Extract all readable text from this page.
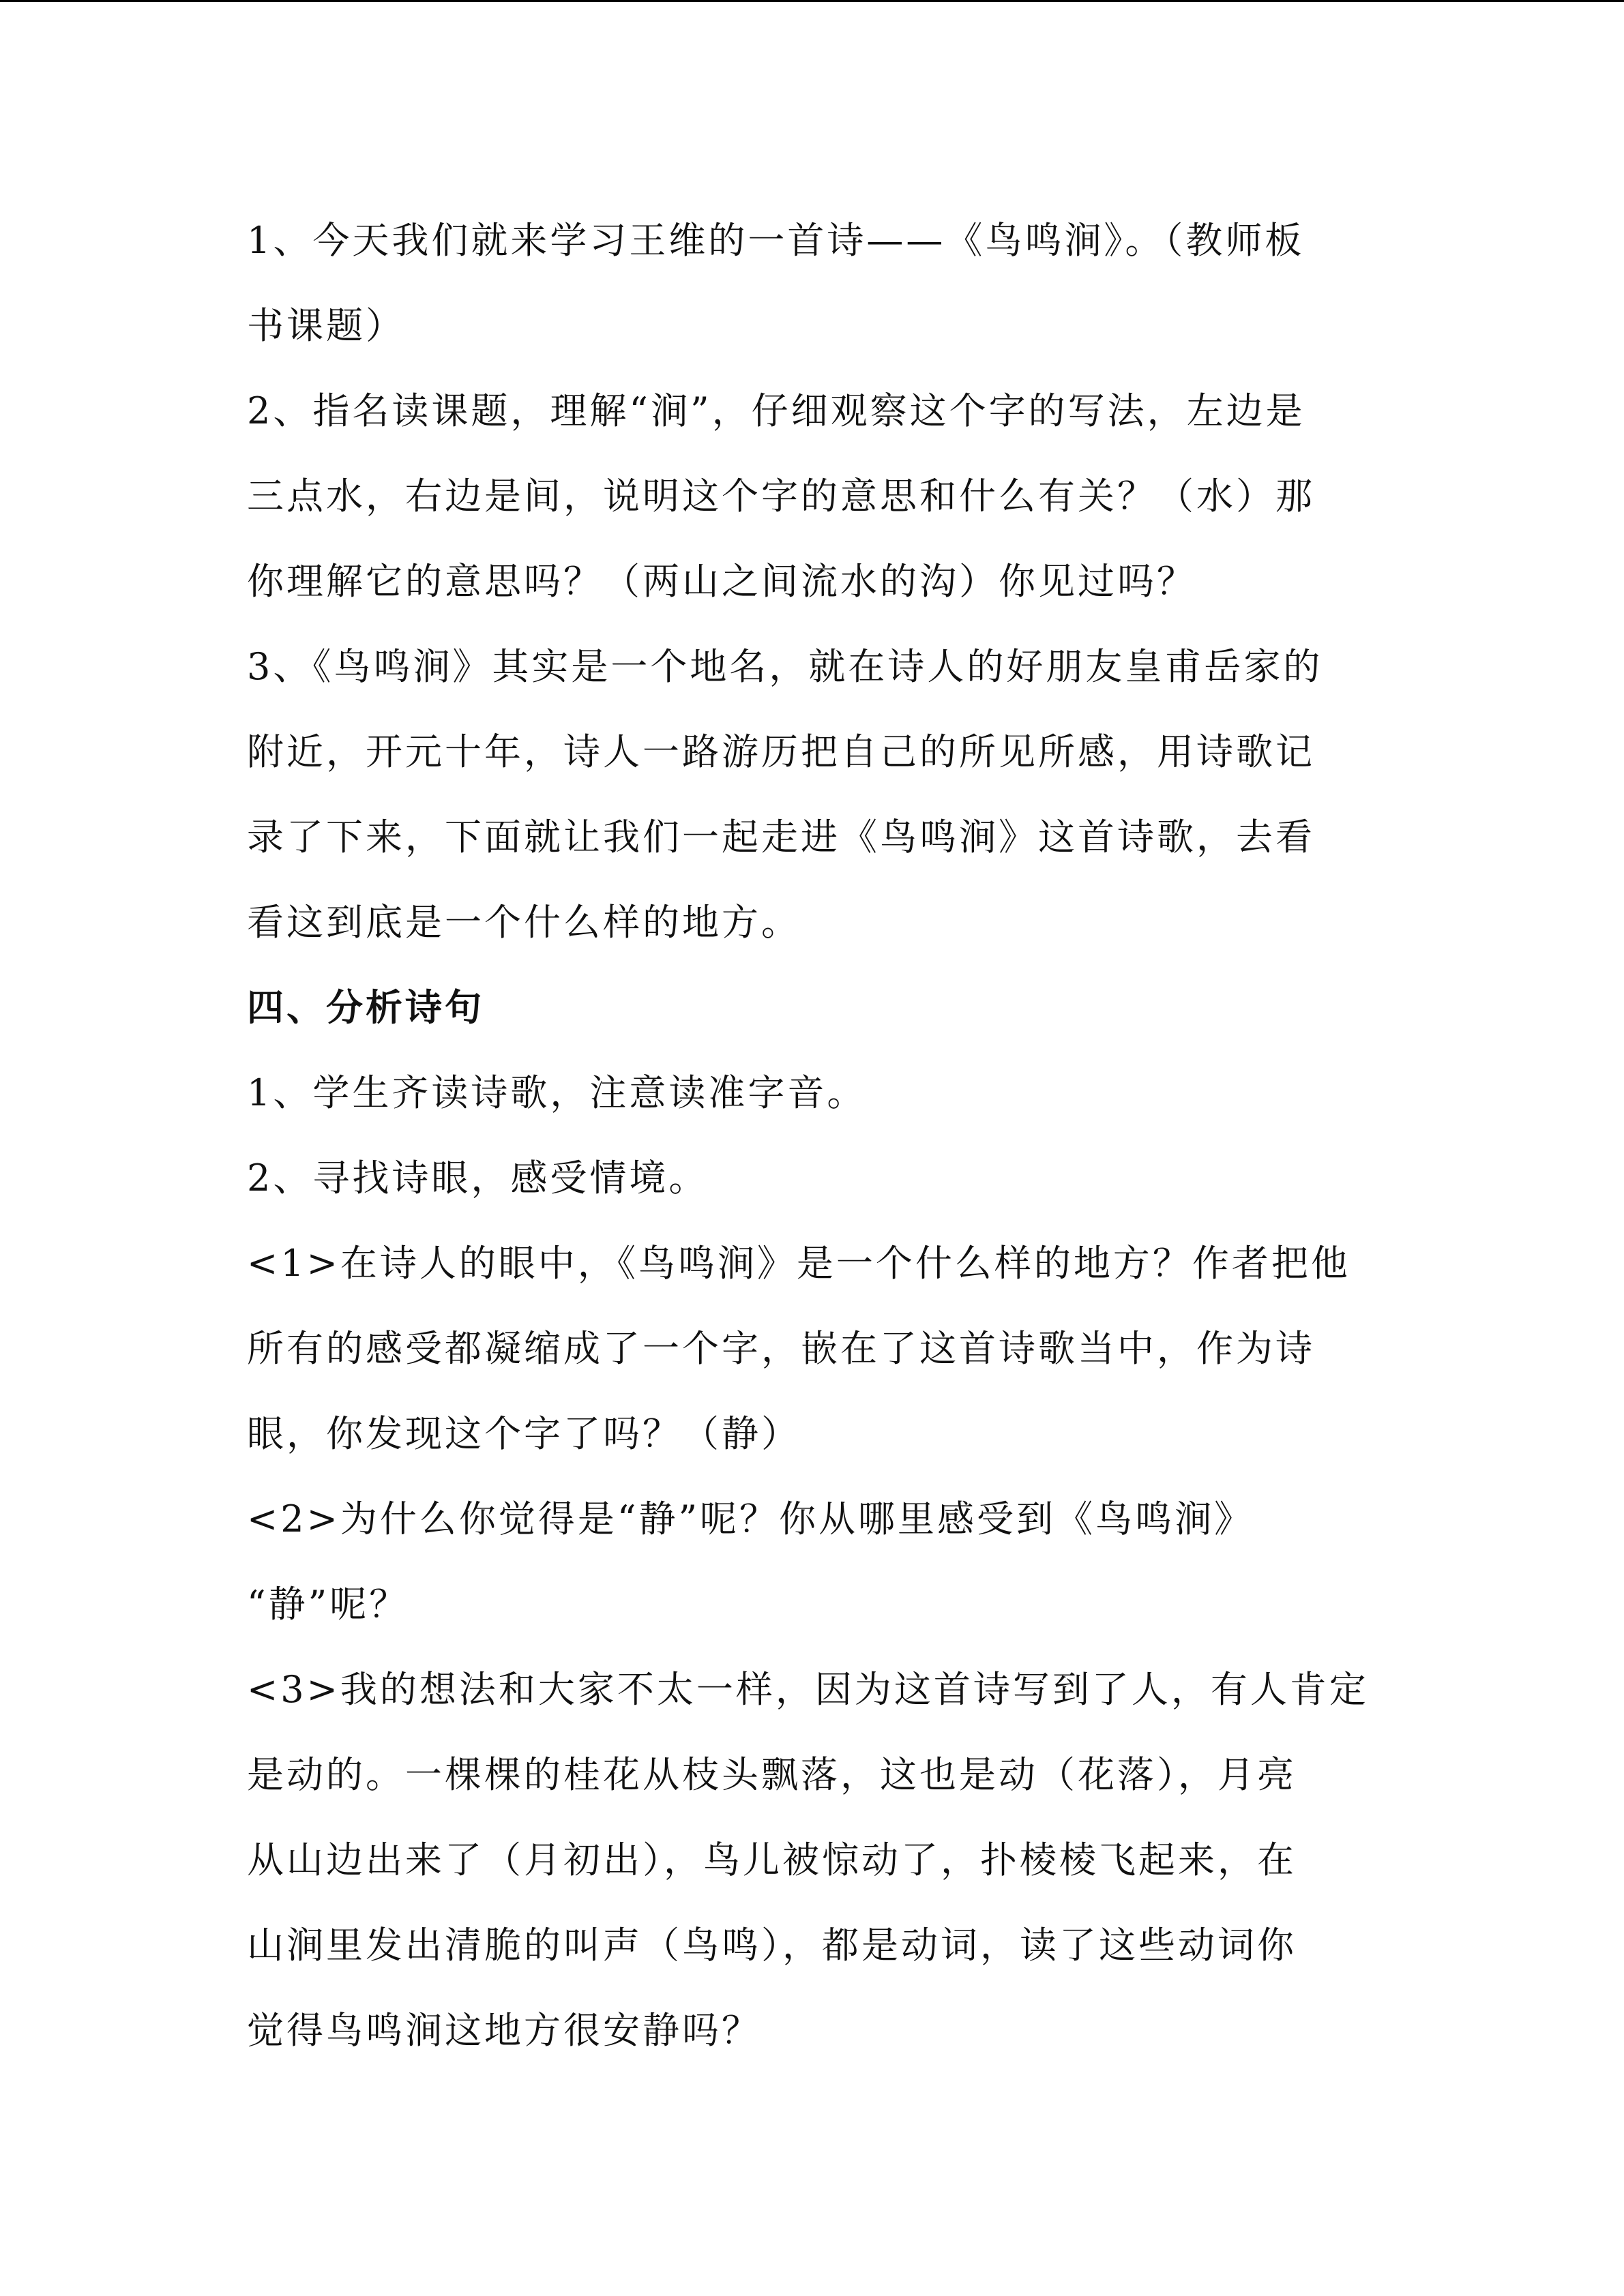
1、今天我们就来学习王维的一首诗——《鸟鸣涧》。（教师板
书课题）
2、指名读课题，理解“涧”，仔细观察这个字的写法，左边是
三点水，右边是间，说明这个字的意思和什么有关？（水）那
你理解它的意思吗？（两山之间流水的沟）你见过吗？
3、《鸟鸣涧》其实是一个地名，就在诗人的好朋友皇甫岳家的
附近，开元十年，诗人一路游历把自己的所见所感，用诗歌记
录了下来，下面就让我们一起走进《鸟鸣涧》这首诗歌，去看
看这到底是一个什么样的地方。
四、分析诗句
1、学生齐读诗歌，注意读准字音。
2、寻找诗眼，感受情境。
<1>在诗人的眼中，《鸟鸣涧》是一个什么样的地方？作者把他
所有的感受都凝缩成了一个字，嵌在了这首诗歌当中，作为诗
眼，你发现这个字了吗？（静）
<2>为什么你觉得是“静”呢？你从哪里感受到《鸟鸣涧》
“静”呢？
<3>我的想法和大家不太一样，因为这首诗写到了人，有人肯定
是动的。一棵棵的桂花从枝头飘落，这也是动（花落），月亮
从山边出来了（月初出），鸟儿被惊动了，扑棱棱飞起来，在
山涧里发出清脆的叫声（鸟鸣），都是动词，读了这些动词你
觉得鸟鸣涧这地方很安静吗？
